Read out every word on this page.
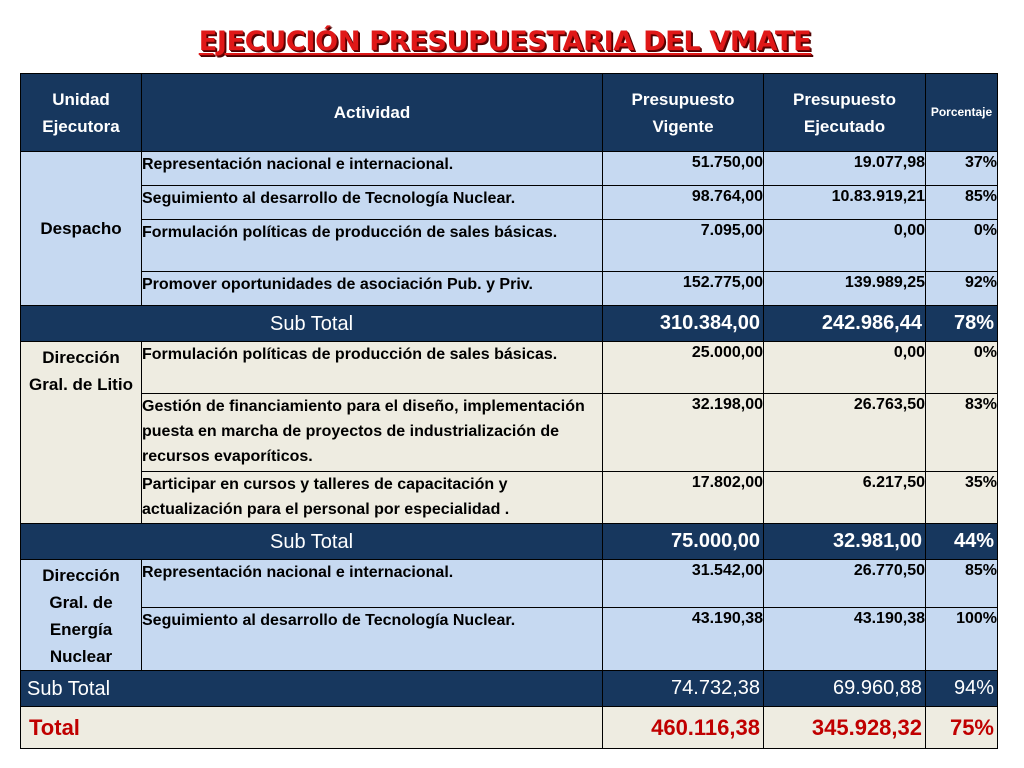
EJECUCIÓN PRESUPUESTARIA DEL VMATE
Unidad Ejecutora	Actividad	Presupuesto Vigente	Presupuesto Ejecutado	Porcentaje
Despacho	Representación nacional e internacional.	51.750,00	19.077,98	37%
	Seguimiento al desarrollo de Tecnología Nuclear.	98.764,00	10.83.919,21	85%
	Formulación políticas de producción de sales básicas.	7.095,00	0,00	0%
	Promover oportunidades de asociación Pub. y Priv.	152.775,00	139.989,25	92%
Sub Total		310.384,00	242.986,44	78%
Dirección Gral. de Litio	Formulación políticas de producción de sales básicas.	25.000,00	0,00	0%
	Gestión de financiamiento para el diseño, implementación puesta en marcha de proyectos de industrialización de recursos evaporíticos.	32.198,00	26.763,50	83%
	Participar en cursos y talleres de capacitación y actualización para el personal por especialidad .	17.802,00	6.217,50	35%
Sub Total		75.000,00	32.981,00	44%
Dirección Gral. de Energía Nuclear	Representación nacional e internacional.	31.542,00	26.770,50	85%
	Seguimiento al desarrollo de Tecnología Nuclear.	43.190,38	43.190,38	100%
Sub Total		74.732,38	69.960,88	94%
Total		460.116,38	345.928,32	75%
